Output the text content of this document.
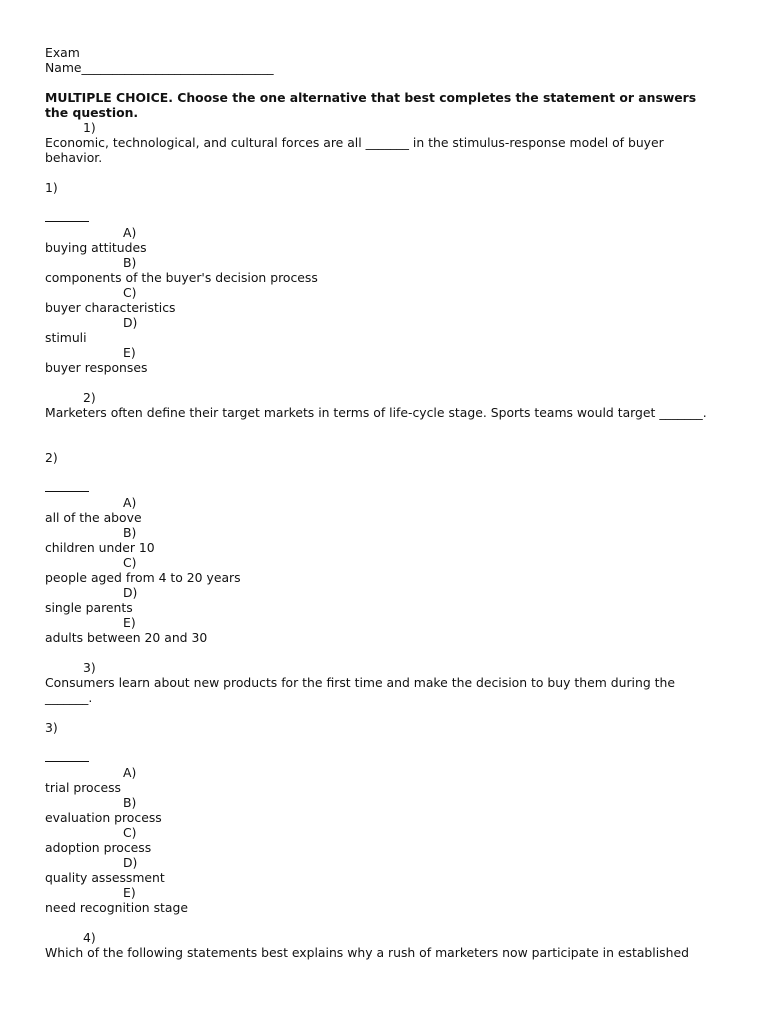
Exam
Name_______________________________
MULTIPLE CHOICE. Choose the one alternative that best completes the statement or answers
the question.
1)
Economic, technological, and cultural forces are all _______ in the stimulus-response model of buyer
behavior.
1)
A)
buying attitudes
B)
components of the buyer's decision process
C)
buyer characteristics
D)
stimuli
E)
buyer responses
2)
Marketers often define their target markets in terms of life-cycle stage. Sports teams would target _______.
2)
A)
all of the above
B)
children under 10
C)
people aged from 4 to 20 years
D)
single parents
E)
adults between 20 and 30
3)
Consumers learn about new products for the first time and make the decision to buy them during the
_______.
3)
A)
trial process
B)
evaluation process
C)
adoption process
D)
quality assessment
E)
need recognition stage
4)
Which of the following statements best explains why a rush of marketers now participate in established
